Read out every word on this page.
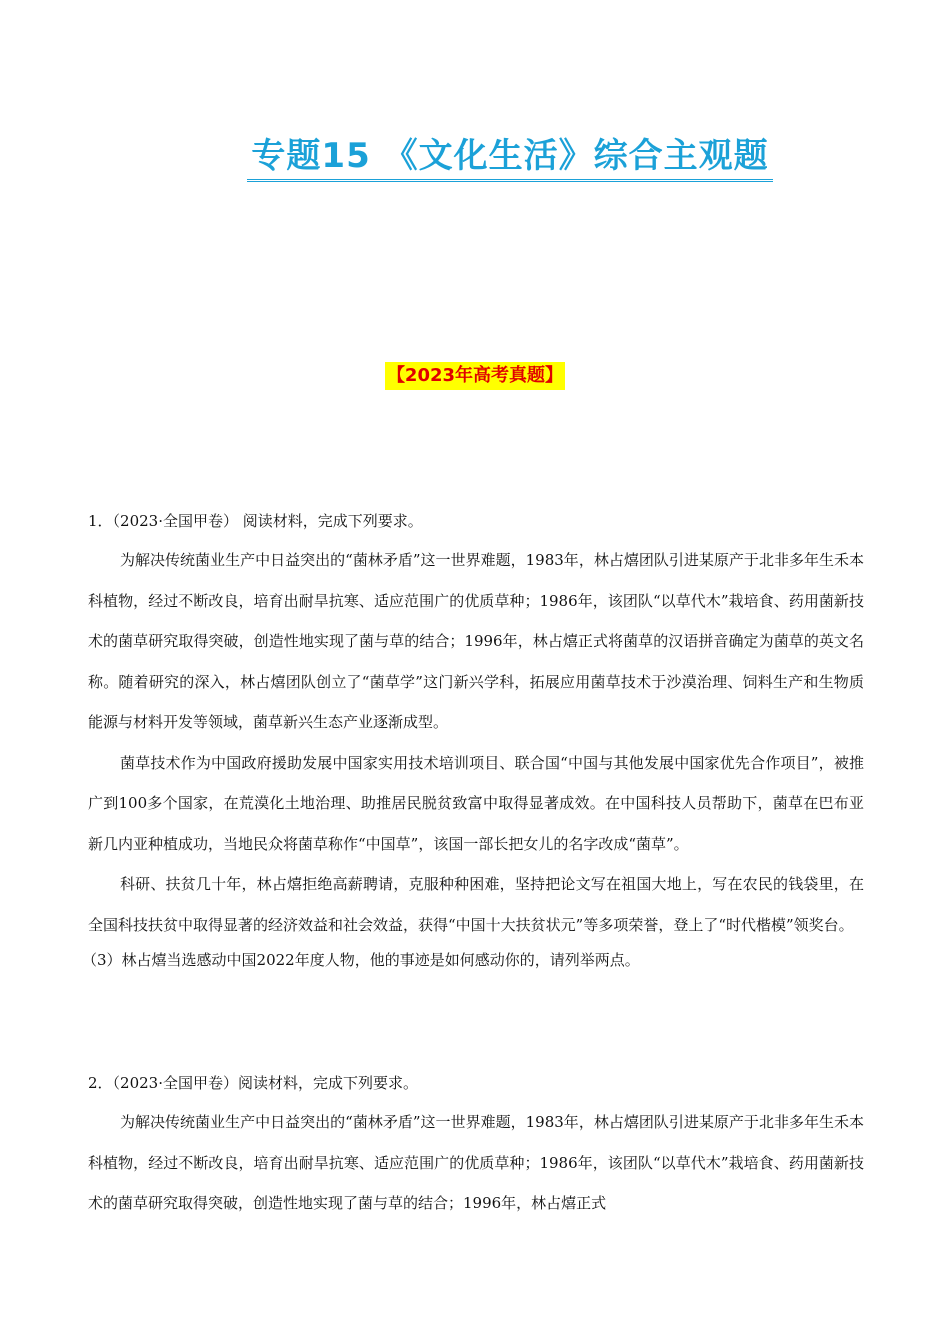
专题15 《文化生活》综合主观题
【2023年高考真题】
1．（2023·全国甲卷） 阅读材料，完成下列要求。

为解决传统菌业生产中日益突出的“菌林矛盾”这一世界难题，1983年，林占熺团队引进某原产于北非多年生禾本科植物，经过不断改良，培育出耐旱抗寒、适应范围广的优质草种；1986年，该团队“以草代木”栽培食、药用菌新技术的菌草研究取得突破，创造性地实现了菌与草的结合；1996年，林占熺正式将菌草的汉语拼音确定为菌草的英文名称。随着研究的深入，林占熺团队创立了“菌草学”这门新兴学科，拓展应用菌草技术于沙漠治理、饲料生产和生物质能源与材料开发等领域，菌草新兴生态产业逐渐成型。

菌草技术作为中国政府援助发展中国家实用技术培训项目、联合国“中国与其他发展中国家优先合作项目”，被推广到100多个国家，在荒漠化土地治理、助推居民脱贫致富中取得显著成效。在中国科技人员帮助下，菌草在巴布亚新几内亚种植成功，当地民众将菌草称作“中国草”，该国一部长把女儿的名字改成“菌草”。

科研、扶贫几十年，林占熺拒绝高薪聘请，克服种种困难，坚持把论文写在祖国大地上，写在农民的钱袋里，在全国科技扶贫中取得显著的经济效益和社会效益，获得“中国十大扶贫状元”等多项荣誉，登上了“时代楷模”领奖台。

（3）林占熺当选感动中国2022年度人物，他的事迹是如何感动你的，请列举两点。
2．（2023·全国甲卷）阅读材料，完成下列要求。

为解决传统菌业生产中日益突出的“菌林矛盾”这一世界难题，1983年，林占熺团队引进某原产于北非多年生禾本科植物，经过不断改良，培育出耐旱抗寒、适应范围广的优质草种；1986年，该团队“以草代木”栽培食、药用菌新技术的菌草研究取得突破，创造性地实现了菌与草的结合；1996年，林占熺正式
